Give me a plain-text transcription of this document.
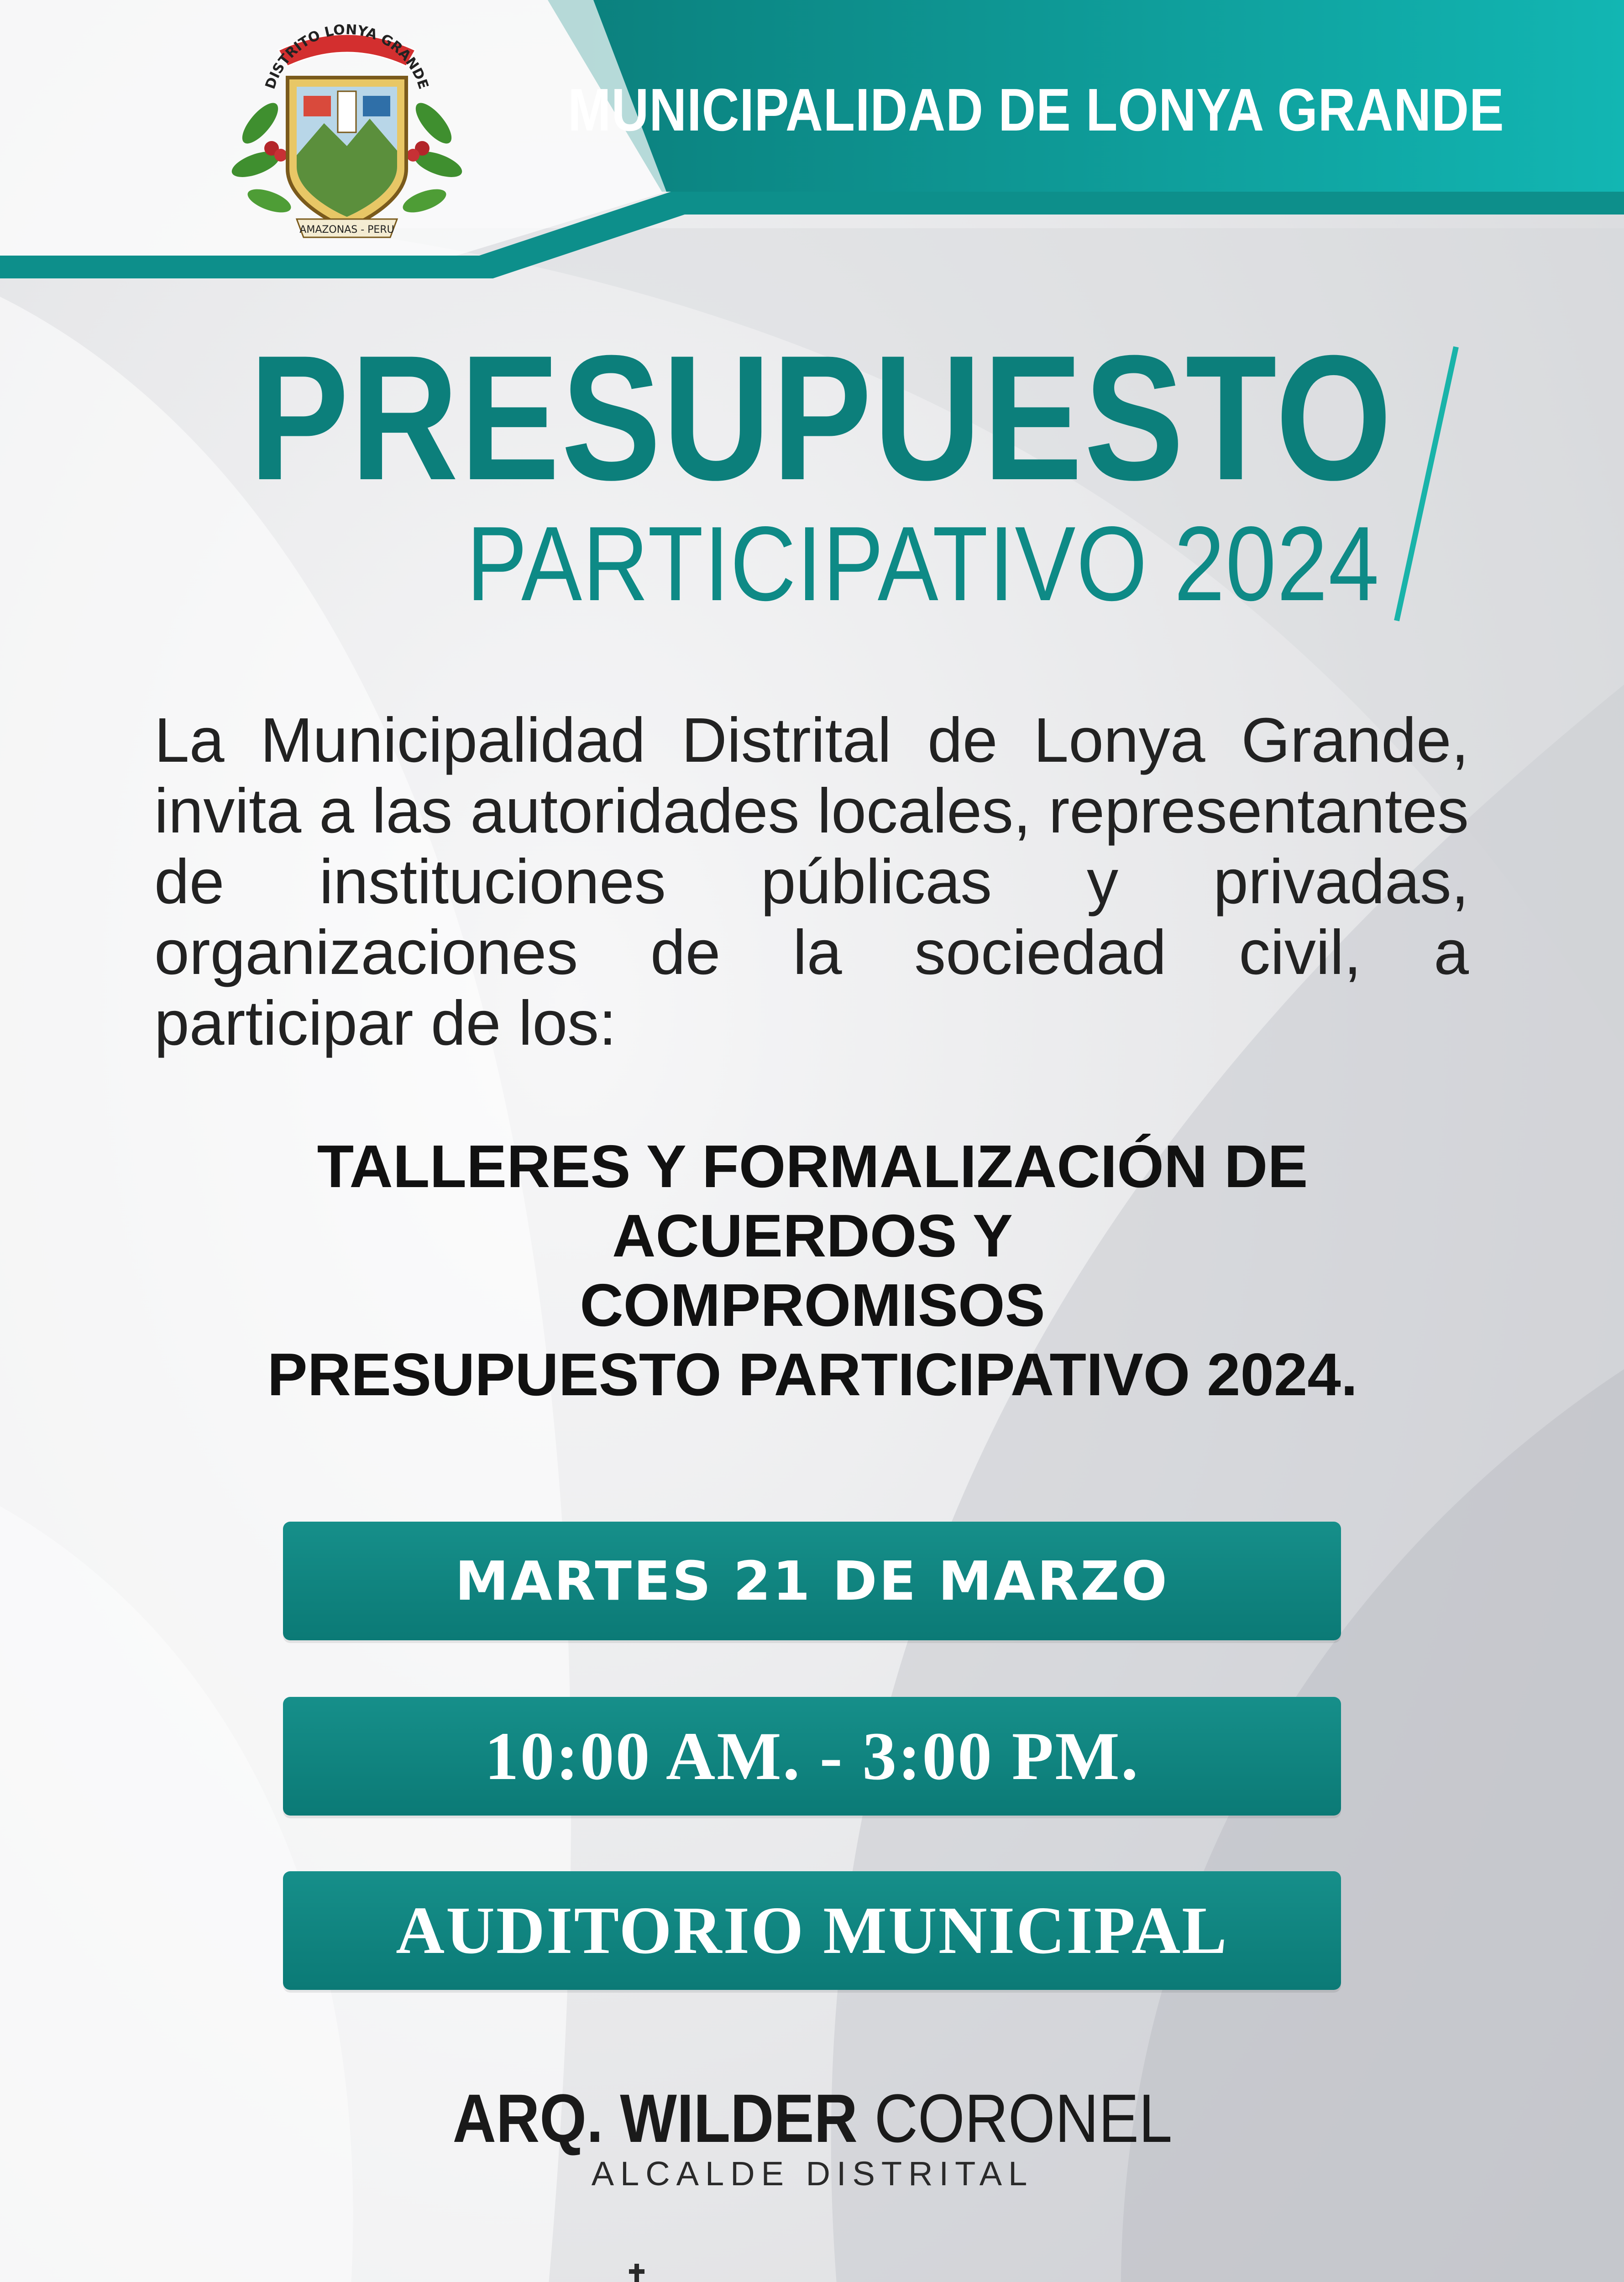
DISTRITO LONYA GRANDE
AMAZONAS - PERU
MUNICIPALIDAD DE LONYA GRANDE
PRESUPUESTO
PARTICIPATIVO 2024
La Municipalidad Distrital de Lonya Grande, invita a las autoridades locales, representantes de instituciones públicas y privadas, organizaciones de la sociedad civil, a participar de los:
TALLERES Y FORMALIZACIÓN DE
ACUERDOS Y
COMPROMISOS
PRESUPUESTO PARTICIPATIVO 2024.
MARTES 21 DE MARZO
10:00 AM. - 3:00 PM.
AUDITORIO MUNICIPAL
ARQ. WILDER CORONEL
ALCALDE DISTRITAL
